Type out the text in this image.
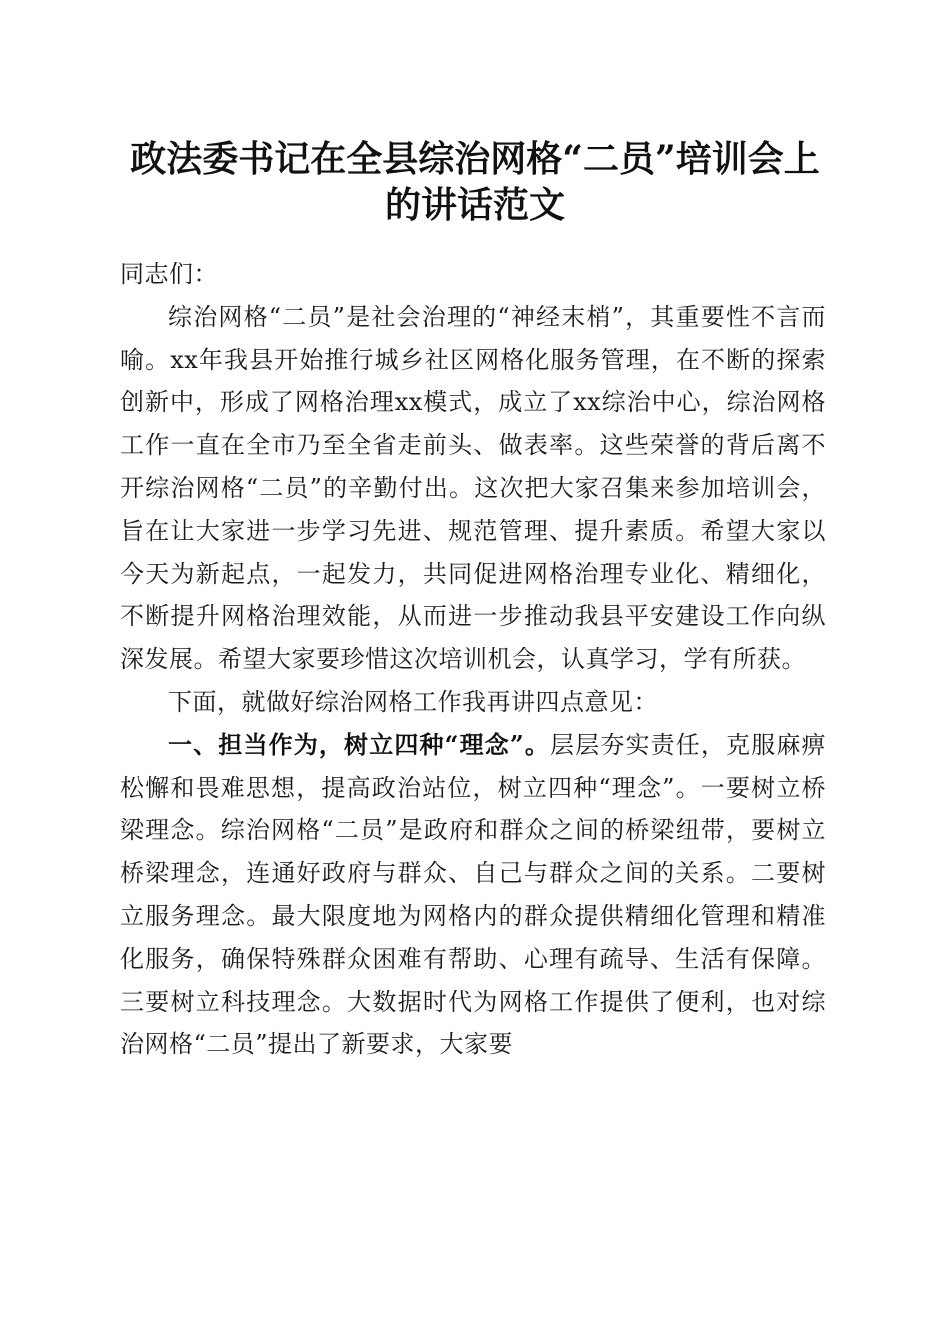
政法委书记在全县综治网格“二员”培训会上
的讲话范文

同志们：

综治网格“二员”是社会治理的“神经末梢”，其重要性不言而喻。xx年我县开始推行城乡社区网格化服务管理，在不断的探索创新中，形成了网格治理xx模式，成立了xx综治中心，综治网格工作一直在全市乃至全省走前头、做表率。这些荣誉的背后离不开综治网格“二员”的辛勤付出。这次把大家召集来参加培训会，旨在让大家进一步学习先进、规范管理、提升素质。希望大家以今天为新起点，一起发力，共同促进网格治理专业化、精细化，不断提升网格治理效能，从而进一步推动我县平安建设工作向纵深发展。希望大家要珍惜这次培训机会，认真学习，学有所获。

下面，就做好综治网格工作我再讲四点意见：

一、担当作为，树立四种“理念”。层层夯实责任，克服麻痹松懈和畏难思想，提高政治站位，树立四种“理念”。一要树立桥梁理念。综治网格“二员”是政府和群众之间的桥梁纽带，要树立桥梁理念，连通好政府与群众、自己与群众之间的关系。二要树立服务理念。最大限度地为网格内的群众提供精细化管理和精准化服务，确保特殊群众困难有帮助、心理有疏导、生活有保障。三要树立科技理念。大数据时代为网格工作提供了便利，也对综治网格“二员”提出了新要求，大家要
